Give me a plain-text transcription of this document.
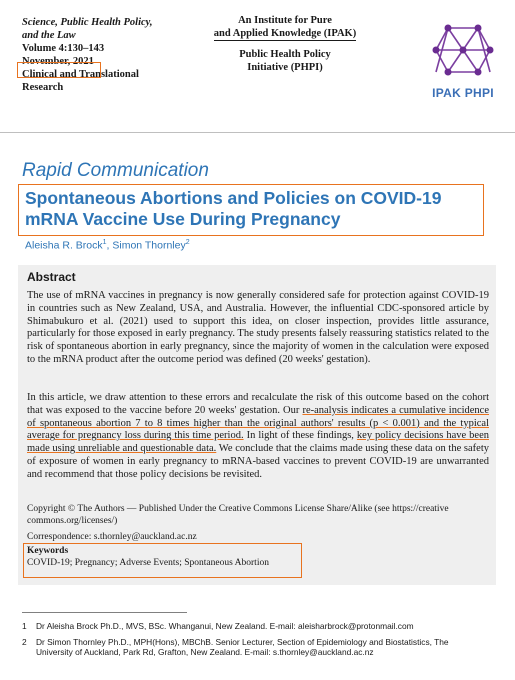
Science, Public Health Policy,
and the Law
Volume 4:130–143
November, 2021
Clinical and Translational
Research
An Institute for Pure
and Applied Knowledge (IPAK)
Public Health Policy
Initiative (PHPI)
IPAK PHPI
Rapid Communication
Spontaneous Abortions and Policies on COVID-19 mRNA Vaccine Use During Pregnancy
Aleisha R. Brock$^1$, Simon Thornley$^2$
Abstract
The use of mRNA vaccines in pregnancy is now generally considered safe for protection against COVID-19 in countries such as New Zealand, USA, and Australia. However, the influential CDC-sponsored article by Shimabukuro et al. (2021) used to support this idea, on closer inspection, provides little assurance, particularly for those exposed in early pregnancy. The study presents falsely reassuring statistics related to the risk of spontaneous abortion in early pregnancy, since the majority of women in the calculation were exposed to the mRNA product after the outcome period was defined (20 weeks' gestation).
In this article, we draw attention to these errors and recalculate the risk of this outcome based on the cohort that was exposed to the vaccine before 20 weeks' gestation. Our re-analysis indicates a cumulative incidence of spontaneous abortion 7 to 8 times higher than the original authors' results (p < 0.001) and the typical average for pregnancy loss during this time period. In light of these findings, key policy decisions have been made using unreliable and questionable data. We conclude that the claims made using these data on the safety of exposure of women in early pregnancy to mRNA-based vaccines to prevent COVID-19 are unwarranted and recommend that those policy decisions be revisited.
Copyright © The Authors — Published Under the Creative Commons License Share/Alike (see https://creative commons.org/licenses/)
Correspondence: s.thornley@auckland.ac.nz
Keywords
COVID-19; Pregnancy; Adverse Events; Spontaneous Abortion
1 Dr Aleisha Brock Ph.D., MVS, BSc. Whanganui, New Zealand. E-mail: aleisharbrock@protonmail.com
2 Dr Simon Thornley Ph.D., MPH(Hons), MBChB. Senior Lecturer, Section of Epidemiology and Biostatistics, The
University of Auckland, Park Rd, Grafton, New Zealand. E-mail: s.thornley@auckland.ac.nz
